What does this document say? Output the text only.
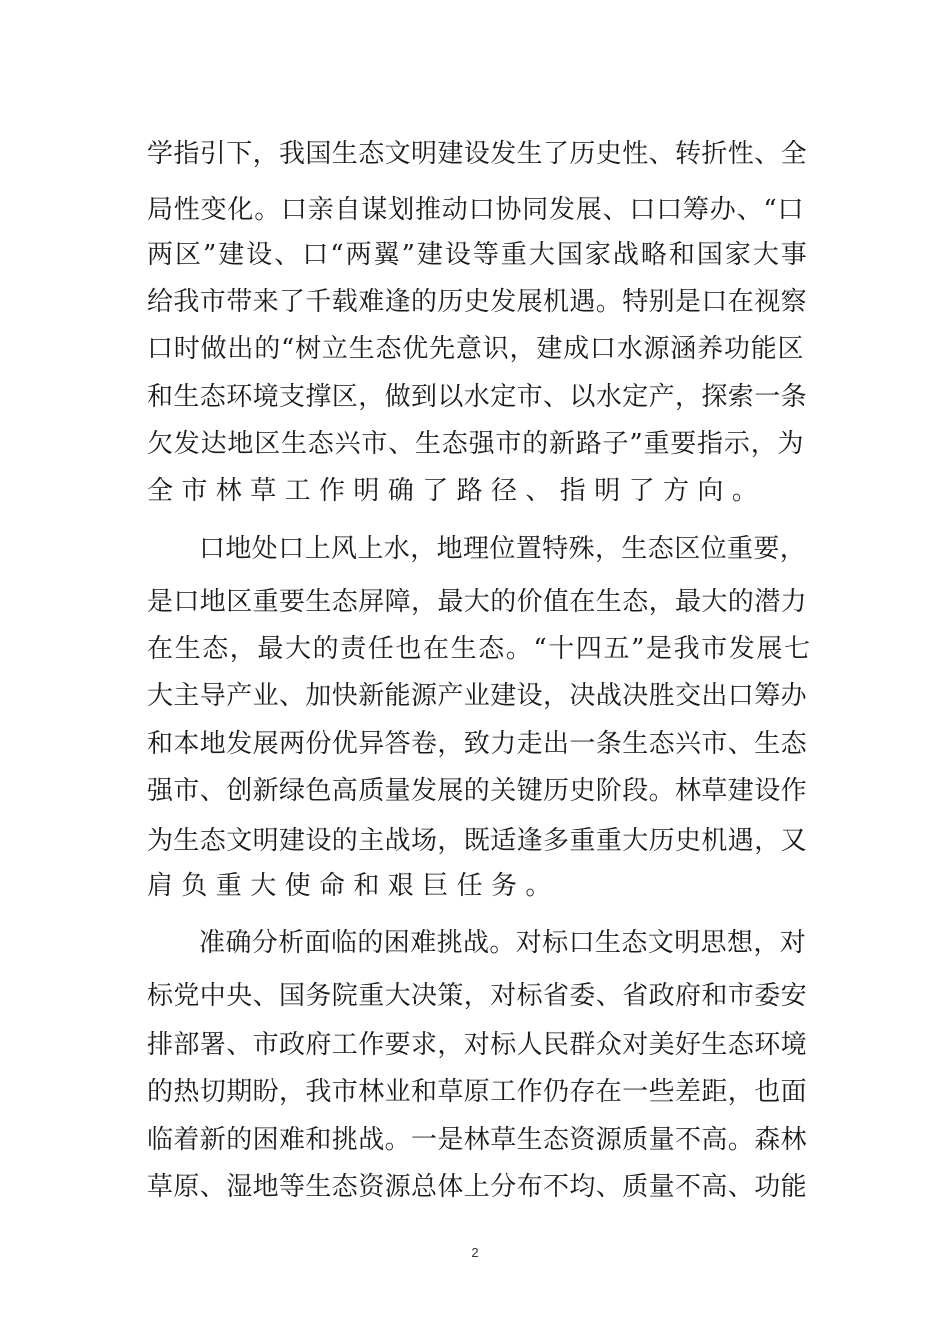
学指引下，我国生态文明建设发生了历史性、转折性、全
局性变化。口亲自谋划推动口协同发展、口口筹办、“口
两区”建设、口“两翼”建设等重大国家战略和国家大事
给我市带来了千载难逢的历史发展机遇。特别是口在视察
口时做出的“树立生态优先意识，建成口水源涵养功能区
和生态环境支撑区，做到以水定市、以水定产，探索一条
欠发达地区生态兴市、生态强市的新路子”重要指示，为
全市林草工作明确了路径、指明了方向。
口地处口上风上水，地理位置特殊，生态区位重要，
是口地区重要生态屏障，最大的价值在生态，最大的潜力
在生态，最大的责任也在生态。“十四五”是我市发展七
大主导产业、加快新能源产业建设，决战决胜交出口筹办
和本地发展两份优异答卷，致力走出一条生态兴市、生态
强市、创新绿色高质量发展的关键历史阶段。林草建设作
为生态文明建设的主战场，既适逢多重重大历史机遇，又
肩负重大使命和艰巨任务。
准确分析面临的困难挑战。对标口生态文明思想，对
标党中央、国务院重大决策，对标省委、省政府和市委安
排部署、市政府工作要求，对标人民群众对美好生态环境
的热切期盼，我市林业和草原工作仍存在一些差距，也面
临着新的困难和挑战。一是林草生态资源质量不高。森林
草原、湿地等生态资源总体上分布不均、质量不高、功能
2
